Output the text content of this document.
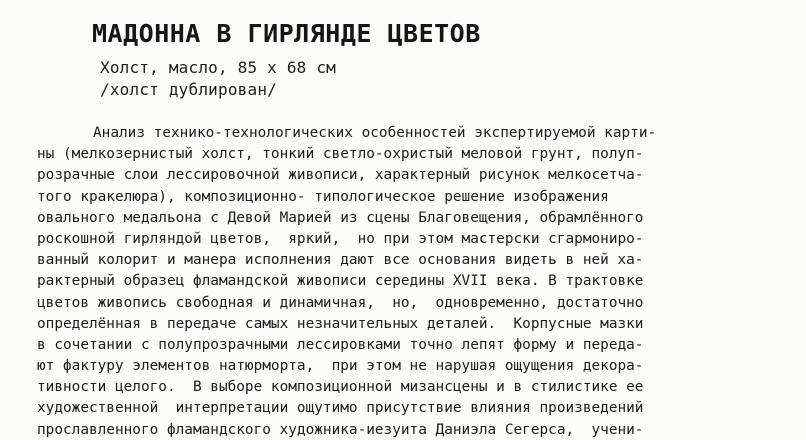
МАДОННА В ГИРЛЯНДЕ ЦВЕТОВ
Холст, масло, 85 х 68 см
/холст дублирован/
Анализ технико-технологических особенностей экспертируемой карти-
ны (мелкозернистый холст, тонкий светло-охристый меловой грунт, полуп-
розрачные слои лессировочной живописи, характерный рисунок мелкосетча-
того кракелюра), композиционно- типологическое решение изображения
овального медальона с Девой Марией из сцены Благовещения, обрамлённого
роскошной гирляндой цветов,  яркий,  но при этом мастерски сгармониро-
ванный колорит и манера исполнения дают все основания видеть в ней ха-
рактерный образец фламандской живописи середины XVII века. В трактовке
цветов живопись свободная и динамичная,  но,  одновременно, достаточно
определённая в передаче самых незначительных деталей.  Корпусные мазки
в сочетании с полупрозрачными лессировками точно лепят форму и переда-
ют фактуру элементов натюрморта,  при этом не нарушая ощущения декора-
тивности целого.  В выборе композиционной мизансцены и в стилистике ее
художественной  интерпретации ощутимо присутствие влияния произведений
прославленного фламандского художника-иезуита Даниэла Сегерса,  учени-
